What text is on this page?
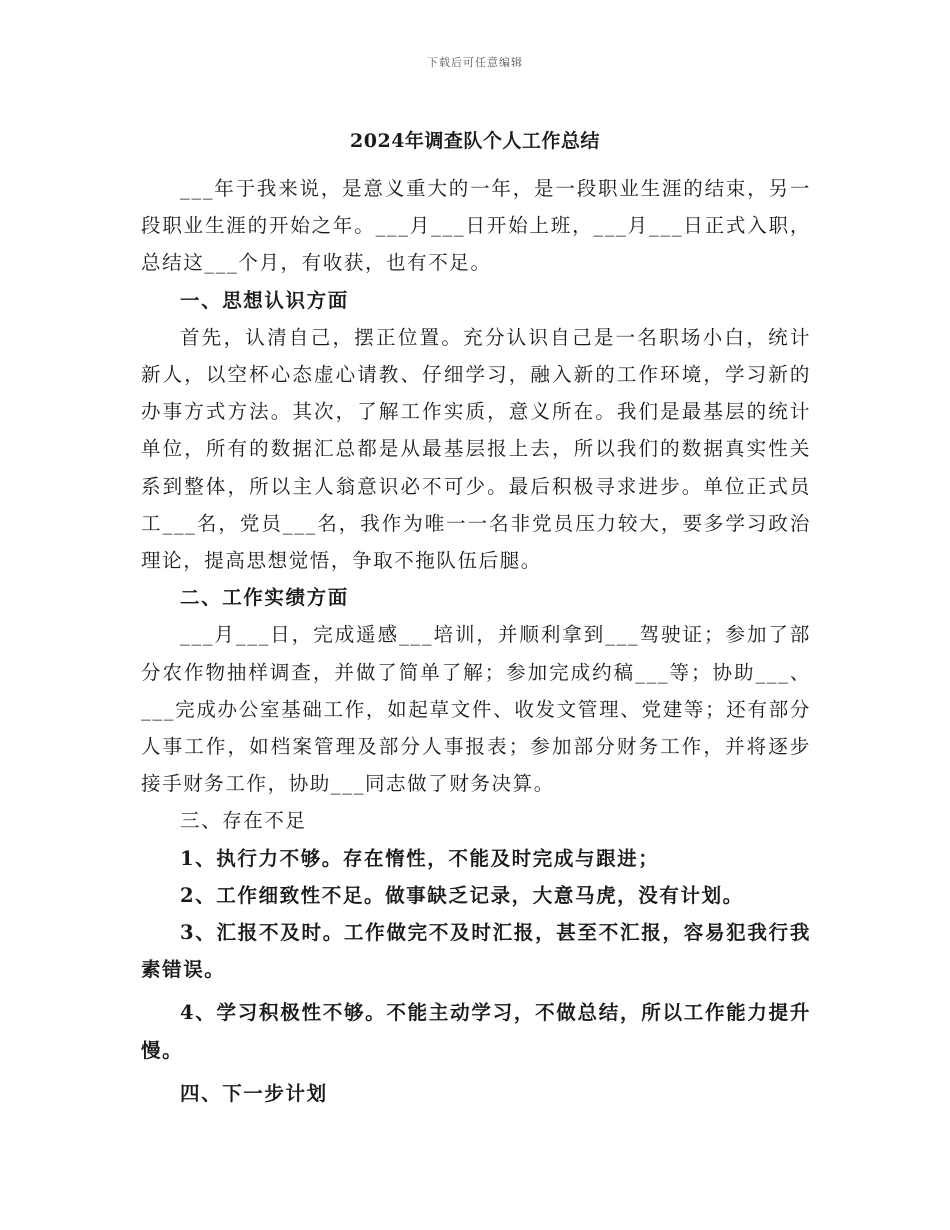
下载后可任意编辑
2024年调查队个人工作总结

___年于我来说，是意义重大的一年，是一段职业生涯的结束，另一段职业生涯的开始之年。___月___日开始上班，___月___日正式入职，总结这___个月，有收获，也有不足。

一、思想认识方面

首先，认清自己，摆正位置。充分认识自己是一名职场小白，统计新人，以空杯心态虚心请教、仔细学习，融入新的工作环境，学习新的办事方式方法。其次，了解工作实质，意义所在。我们是最基层的统计单位，所有的数据汇总都是从最基层报上去，所以我们的数据真实性关系到整体，所以主人翁意识必不可少。最后积极寻求进步。单位正式员工___名，党员___名，我作为唯一一名非党员压力较大，要多学习政治理论，提高思想觉悟，争取不拖队伍后腿。

二、工作实绩方面

___月___日，完成遥感___培训，并顺利拿到___驾驶证；参加了部分农作物抽样调查，并做了简单了解；参加完成约稿___等；协助___、___完成办公室基础工作，如起草文件、收发文管理、党建等；还有部分人事工作，如档案管理及部分人事报表；参加部分财务工作，并将逐步接手财务工作，协助___同志做了财务决算。

三、存在不足

1、执行力不够。存在惰性，不能及时完成与跟进；

2、工作细致性不足。做事缺乏记录，大意马虎，没有计划。

3、汇报不及时。工作做完不及时汇报，甚至不汇报，容易犯我行我素错误。

4、学习积极性不够。不能主动学习，不做总结，所以工作能力提升慢。

四、下一步计划
